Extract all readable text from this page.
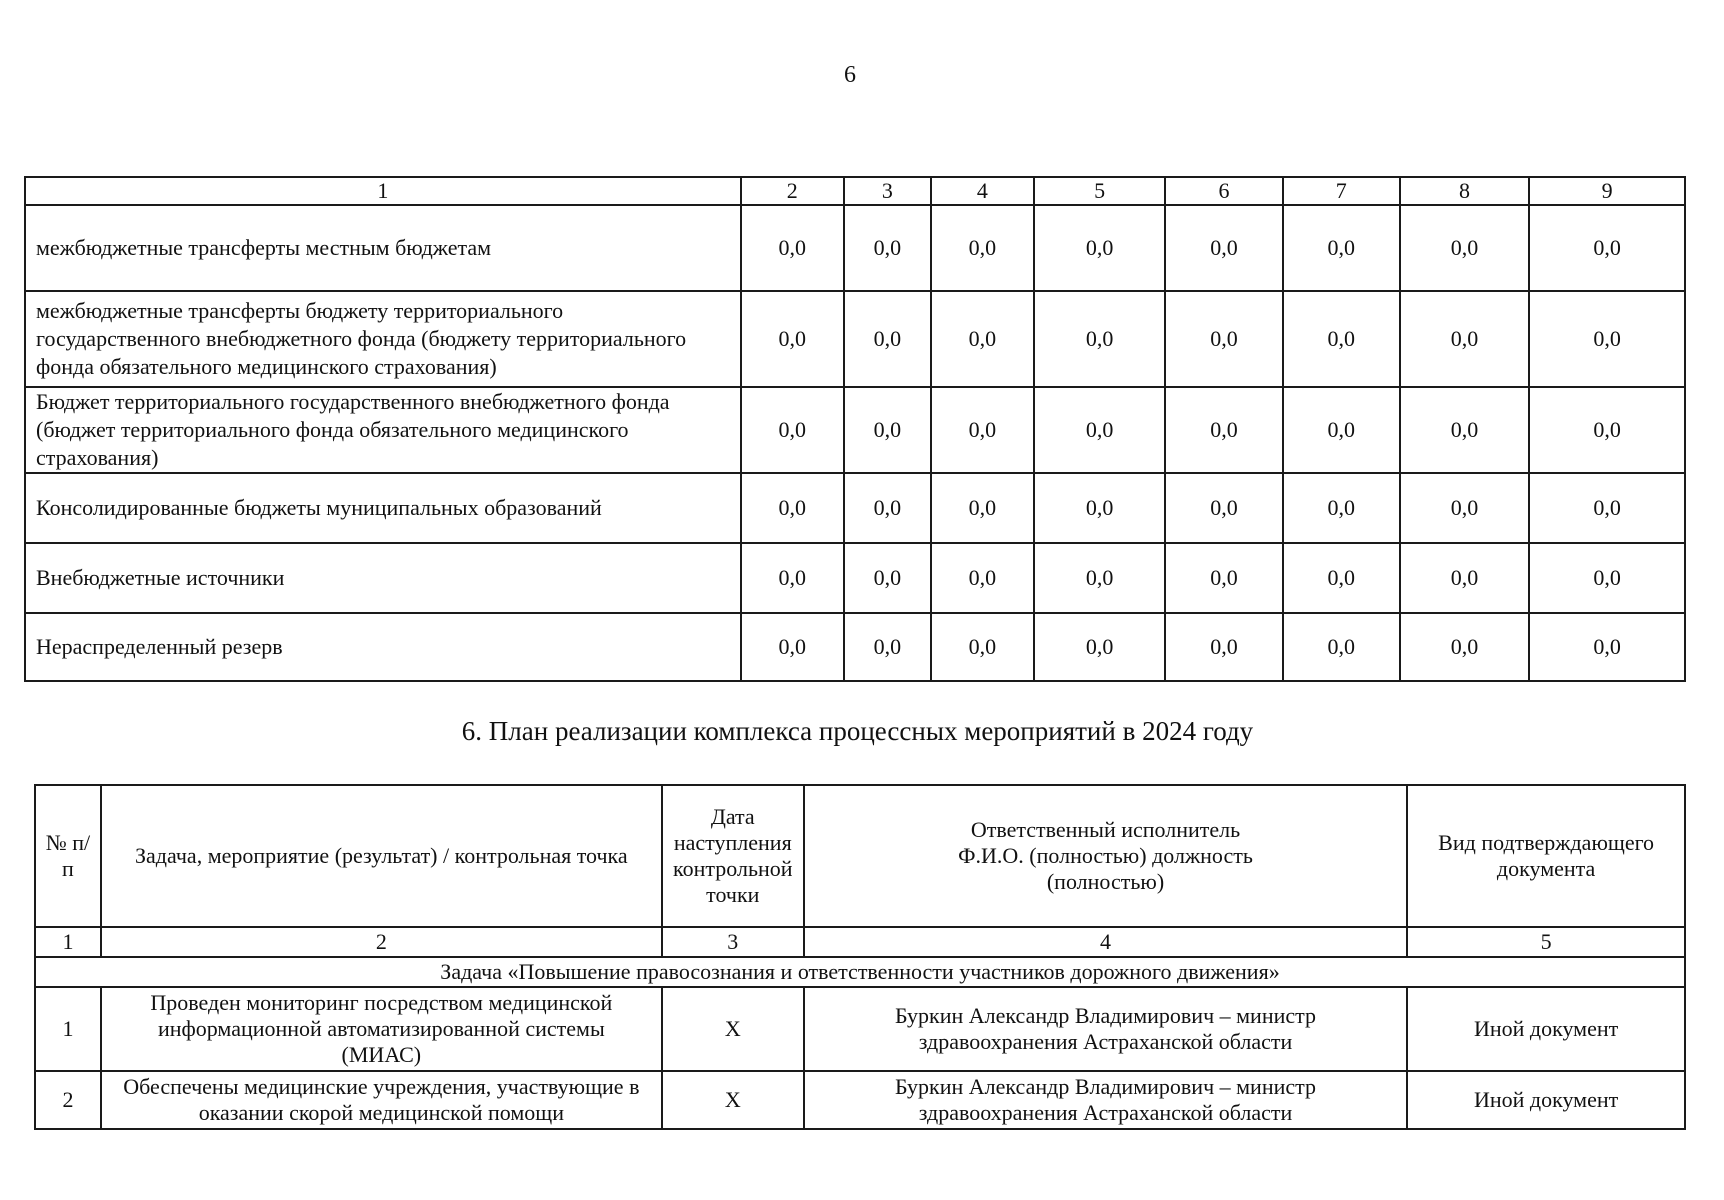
6
1	2	3	4	5	6	7	8	9
межбюджетные трансферты местным бюджетам	0,0	0,0	0,0	0,0	0,0	0,0	0,0	0,0
межбюджетные трансферты бюджету территориального государственного внебюджетного фонда (бюджету территориального фонда обязательного медицинского страхования)	0,0	0,0	0,0	0,0	0,0	0,0	0,0	0,0
Бюджет территориального государственного внебюджетного фонда (бюджет территориального фонда обязательного медицинского страхования)	0,0	0,0	0,0	0,0	0,0	0,0	0,0	0,0
Консолидированные бюджеты муниципальных образований	0,0	0,0	0,0	0,0	0,0	0,0	0,0	0,0
Внебюджетные источники	0,0	0,0	0,0	0,0	0,0	0,0	0,0	0,0
Нераспределенный резерв	0,0	0,0	0,0	0,0	0,0	0,0	0,0	0,0
6. План реализации комплекса процессных мероприятий в 2024 году
№ п/п	Задача, мероприятие (результат) / контрольная точка	Дата наступления контрольной точки	Ответственный исполнитель Ф.И.О. (полностью) должность (полностью)	Вид подтверждающего документа
1	2	3	4	5
Задача «Повышение правосознания и ответственности участников дорожного движения»				
1	Проведен мониторинг посредством медицинской информационной автоматизированной системы (МИАС)	Х	Буркин Александр Владимирович – министр здравоохранения Астраханской области	Иной документ
2	Обеспечены медицинские учреждения, участвующие в оказании скорой медицинской помощи	Х	Буркин Александр Владимирович – министр здравоохранения Астраханской области	Иной документ
